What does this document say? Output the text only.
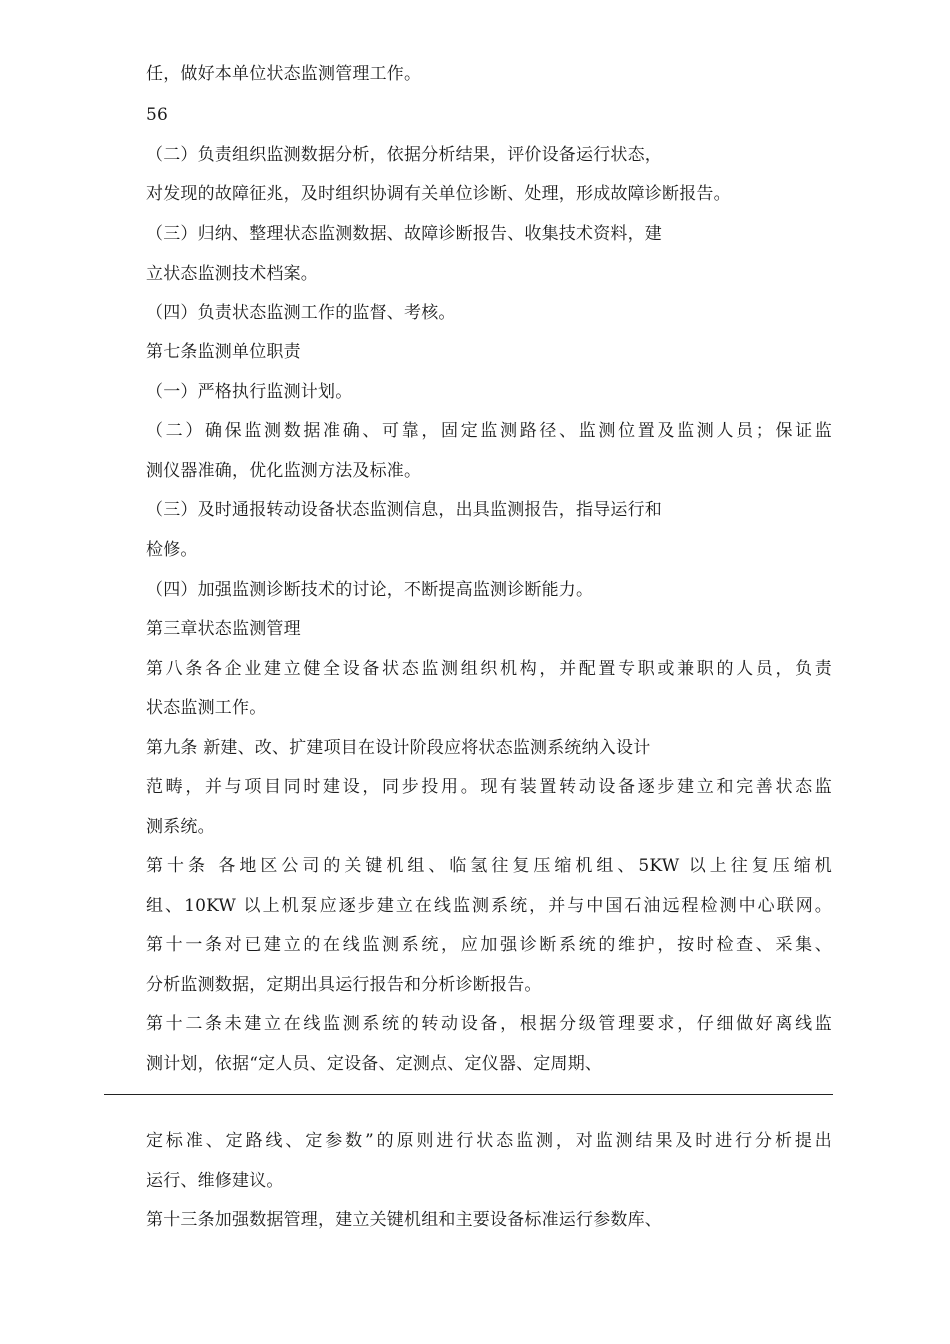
任，做好本单位状态监测管理工作。
56
（二）负责组织监测数据分析，依据分析结果，评价设备运行状态，
对发现的故障征兆，及时组织协调有关单位诊断、处理，形成故障诊断报告。
（三）归纳、整理状态监测数据、故障诊断报告、收集技术资料，建
立状态监测技术档案。
（四）负责状态监测工作的监督、考核。
第七条监测单位职责
（一）严格执行监测计划。
（二）确保监测数据准确、可靠，固定监测路径、监测位置及监测人员；保证监
测仪器准确，优化监测方法及标准。
（三）及时通报转动设备状态监测信息，出具监测报告，指导运行和
检修。
（四）加强监测诊断技术的讨论，不断提高监测诊断能力。
第三章状态监测管理
第八条各企业建立健全设备状态监测组织机构，并配置专职或兼职的人员，负责
状态监测工作。
第九条 新建、改、扩建项目在设计阶段应将状态监测系统纳入设计
范畴，并与项目同时建设，同步投用。现有装置转动设备逐步建立和完善状态监
测系统。
第十条 各地区公司的关键机组、临氢往复压缩机组、5KW 以上往复压缩机
组、10KW 以上机泵应逐步建立在线监测系统，并与中国石油远程检测中心联网。
第十一条对已建立的在线监测系统，应加强诊断系统的维护，按时检查、采集、
分析监测数据，定期出具运行报告和分析诊断报告。
第十二条未建立在线监测系统的转动设备，根据分级管理要求，仔细做好离线监
测计划，依据“定人员、定设备、定测点、定仪器、定周期、
定标准、定路线、定参数”的原则进行状态监测，对监测结果及时进行分析提出
运行、维修建议。
第十三条加强数据管理，建立关键机组和主要设备标准运行参数库、
